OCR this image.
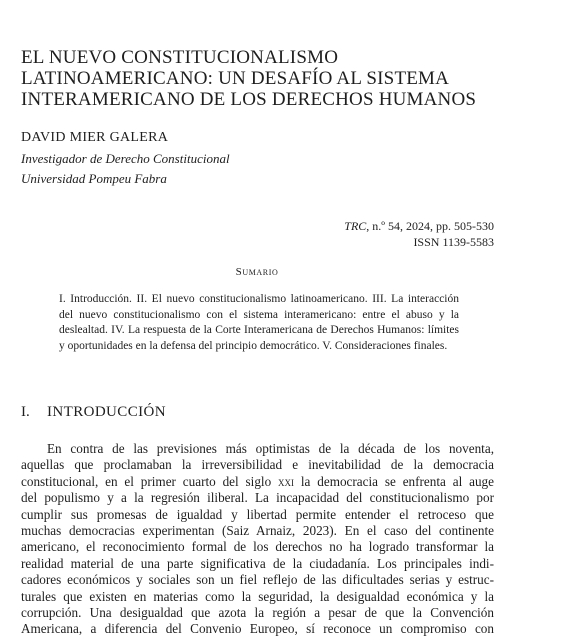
EL NUEVO CONSTITUCIONALISMO
LATINOAMERICANO: UN DESAFÍO AL SISTEMA
INTERAMERICANO DE LOS DERECHOS HUMANOS
DAVID MIER GALERA
Investigador de Derecho Constitucional
Universidad Pompeu Fabra
TRC, n.º 54, 2024, pp. 505-530
ISSN 1139-5583
Sumario

I. Introducción. II. El nuevo constitucionalismo latinoamericano. III. La interacción del nuevo constitucionalismo con el sistema interamericano: entre el abuso y la deslealtad. IV. La respuesta de la Corte Interamericana de Derechos Humanos: límites y oportunidades en la defensa del principio democrático. V. Consideraciones finales.

I. INTRODUCCIÓN

En contra de las previsiones más optimistas de la década de los noventa,
aquellas que proclamaban la irreversibilidad e inevitabilidad de la democracia
constitucional, en el primer cuarto del siglo xxi la democracia se enfrenta al auge
del populismo y a la regresión iliberal. La incapacidad del constitucionalismo por
cumplir sus promesas de igualdad y libertad permite entender el retroceso que
muchas democracias experimentan (Saiz Arnaiz, 2023). En el caso del continente
americano, el reconocimiento formal de los derechos no ha logrado transformar la
realidad material de una parte significativa de la ciudadanía. Los principales indi-
cadores económicos y sociales son un fiel reflejo de las dificultades serias y estruc-
turales que existen en materias como la seguridad, la desigualdad económica y la
corrupción. Una desigualdad que azota la región a pesar de que la Convención
Americana, a diferencia del Convenio Europeo, sí reconoce un compromiso con
